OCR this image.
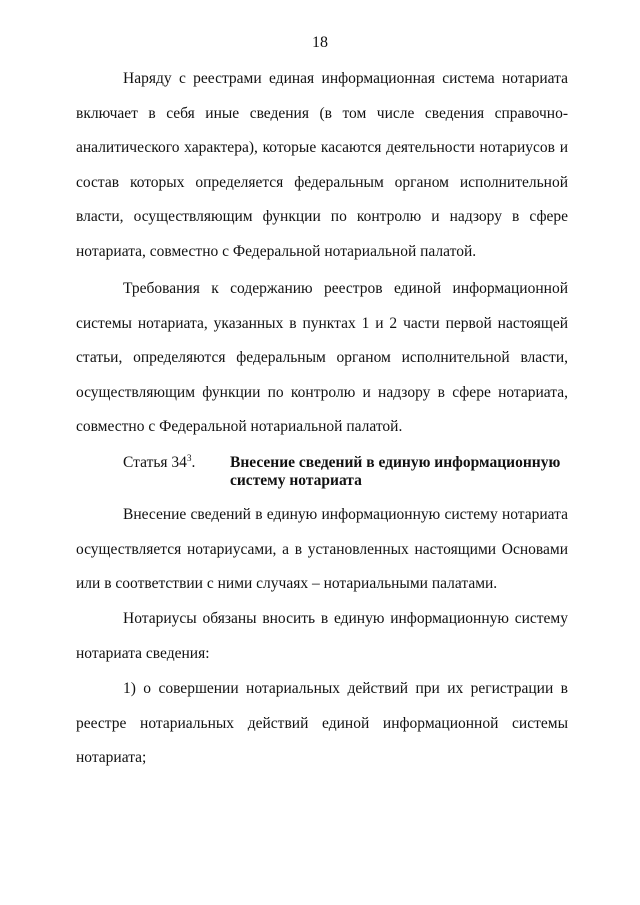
18
Наряду с реестрами единая информационная система нотариата
включает в себя иные сведения (в том числе сведения справочно-
аналитического характера), которые касаются деятельности нотариусов и
состав которых определяется федеральным органом исполнительной
власти, осуществляющим функции по контролю и надзору в сфере
нотариата, совместно с Федеральной нотариальной палатой.
Требования к содержанию реестров единой информационной
системы нотариата, указанных в пунктах 1 и 2 части первой настоящей
статьи, определяются федеральным органом исполнительной власти,
осуществляющим функции по контролю и надзору в сфере нотариата,
совместно с Федеральной нотариальной палатой.
Статья $34^3$. Внесение сведений в единую информационную
систему нотариата
Внесение сведений в единую информационную систему нотариата
осуществляется нотариусами, а в установленных настоящими Основами
или в соответствии с ними случаях – нотариальными палатами.
Нотариусы обязаны вносить в единую информационную систему
нотариата сведения:
1) о совершении нотариальных действий при их регистрации в
реестре нотариальных действий единой информационной системы
нотариата;
